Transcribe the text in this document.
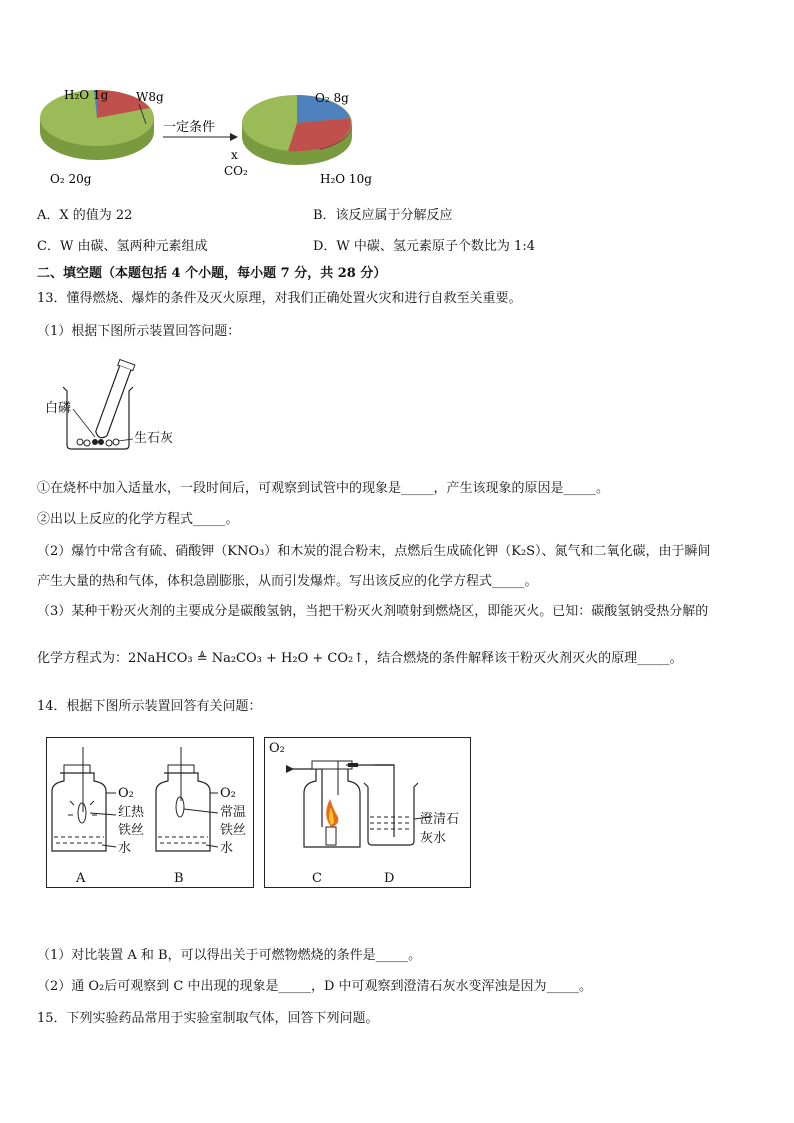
H₂O 1g W8g
O₂ 20g
一定条件
O₂ 8g
x
CO₂
H₂O 10g
A．X 的值为 22	B．该反应属于分解反应
C．W 由碳、氢两种元素组成	D．W 中碳、氢元素原子个数比为 1:4
二、填空题（本题包括 4 个小题，每小题 7 分，共 28 分）
13．懂得燃烧、爆炸的条件及灭火原理，对我们正确处置火灾和进行自救至关重要。
（1）根据下图所示装置回答问题：
白磷
生石灰
①在烧杯中加入适量水，一段时间后，可观察到试管中的现象是_____，产生该现象的原因是_____。
②出以上反应的化学方程式_____。
（2）爆竹中常含有硫、硝酸钾（KNO₃）和木炭的混合粉末，点燃后生成硫化钾（K₂S）、氮气和二氧化碳，由于瞬间
产生大量的热和气体，体积急剧膨胀，从而引发爆炸。写出该反应的化学方程式_____。
（3）某种干粉灭火剂的主要成分是碳酸氢钠，当把干粉灭火剂喷射到燃烧区，即能灭火。已知：碳酸氢钠受热分解的
化学方程式为：2NaHCO₃ ≜ Na₂CO₃ + H₂O + CO₂↑，结合燃烧的条件解释该干粉灭火剂灭火的原理_____。
14．根据下图所示装置回答有关问题：
O₂
红热
铁丝
水
A
O₂
常温
铁丝
水
B
O₂
澄清石
灰水
C	D
（1）对比装置 A 和 B，可以得出关于可燃物燃烧的条件是_____。
（2）通 O₂后可观察到 C 中出现的现象是_____，D 中可观察到澄清石灰水变浑浊是因为_____。
15．下列实验药品常用于实验室制取气体，回答下列问题。
